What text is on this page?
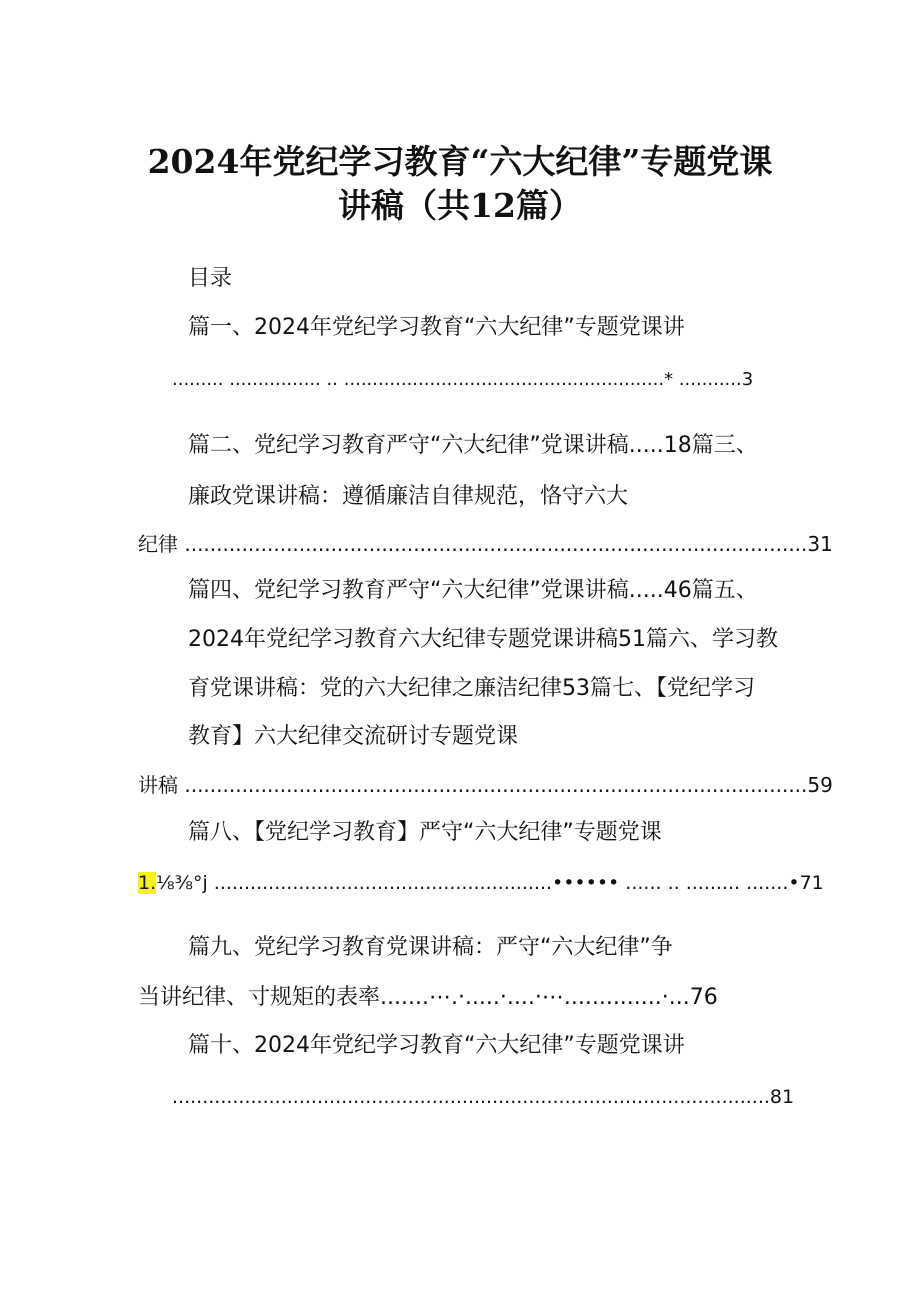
2024年党纪学习教育“六大纪律”专题党课
讲稿（共12篇）
目录
篇一、2024年党纪学习教育“六大纪律”专题党课讲
......... ................ .. ........................................................* ...........3
篇二、党纪学习教育严守“六大纪律”党课讲稿.....18篇三、
廉政党课讲稿：遵循廉洁自律规范，恪守六大
纪律 ..................................................................................................31
篇四、党纪学习教育严守“六大纪律”党课讲稿.....46篇五、
2024年党纪学习教育六大纪律专题党课讲稿51篇六、学习教
育党课讲稿：党的六大纪律之廉洁纪律53篇七、【党纪学习
教育】六大纪律交流研讨专题党课
讲稿 ..................................................................................................59
篇八、【党纪学习教育】严守“六大纪律”专题党课
1.⅛⅜°j ........................................................•••••• ...... .. ......... .......•71
篇九、党纪学习教育党课讲稿：严守“六大纪律”争
当讲纪律、寸规矩的表率.......⋯.·.....·....·⋯..............·...76
篇十、2024年党纪学习教育“六大纪律”专题党课讲
...................................................................................................81
